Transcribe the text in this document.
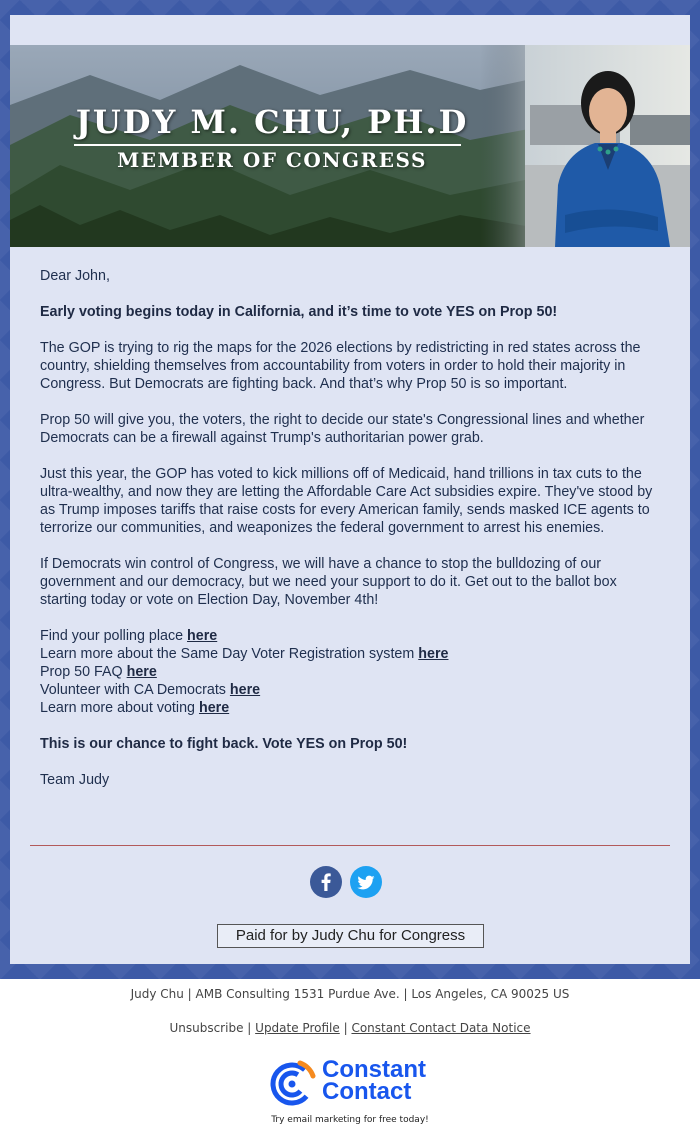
JUDY M. CHU, PH.D
MEMBER OF CONGRESS

Dear John,

Early voting begins today in California, and it’s time to vote YES on Prop 50!

The GOP is trying to rig the maps for the 2026 elections by redistricting in red states across the country, shielding themselves from accountability from voters in order to hold their majority in Congress. But Democrats are fighting back. And that’s why Prop 50 is so important.

Prop 50 will give you, the voters, the right to decide our state's Congressional lines and whether Democrats can be a firewall against Trump's authoritarian power grab.

Just this year, the GOP has voted to kick millions off of Medicaid, hand trillions in tax cuts to the ultra-wealthy, and now they are letting the Affordable Care Act subsidies expire. They've stood by as Trump imposes tariffs that raise costs for every American family, sends masked ICE agents to terrorize our communities, and weaponizes the federal government to arrest his enemies.

If Democrats win control of Congress, we will have a chance to stop the bulldozing of our government and our democracy, but we need your support to do it. Get out to the ballot box starting today or vote on Election Day, November 4th!

Find your polling place here
Learn more about the Same Day Voter Registration system here
Prop 50 FAQ here
Volunteer with CA Democrats here
Learn more about voting here

This is our chance to fight back. Vote YES on Prop 50!

Team Judy

Paid for by Judy Chu for Congress
Judy Chu | AMB Consulting 1531 Purdue Ave. | Los Angeles, CA 90025 US
Unsubscribe | Update Profile | Constant Contact Data Notice
Constant
Contact
Try email marketing for free today!
